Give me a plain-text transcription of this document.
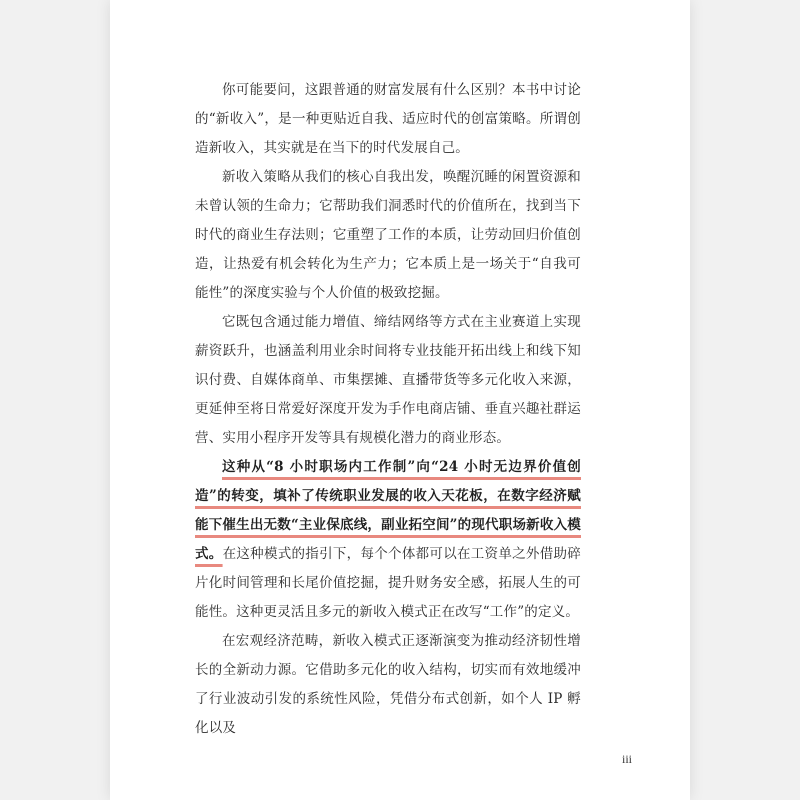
你可能要问，这跟普通的财富发展有什么区别？本书中讨论的“新收入”，是一种更贴近自我、适应时代的创富策略。所谓创造新收入，其实就是在当下的时代发展自己。

新收入策略从我们的核心自我出发，唤醒沉睡的闲置资源和未曾认领的生命力；它帮助我们洞悉时代的价值所在，找到当下时代的商业生存法则；它重塑了工作的本质，让劳动回归价值创造，让热爱有机会转化为生产力；它本质上是一场关于“自我可能性”的深度实验与个人价值的极致挖掘。

它既包含通过能力增值、缔结网络等方式在主业赛道上实现薪资跃升，也涵盖利用业余时间将专业技能开拓出线上和线下知识付费、自媒体商单、市集摆摊、直播带货等多元化收入来源，更延伸至将日常爱好深度开发为手作电商店铺、垂直兴趣社群运营、实用小程序开发等具有规模化潜力的商业形态。

这种从“8 小时职场内工作制”向“24 小时无边界价值创造”的转变，填补了传统职业发展的收入天花板，在数字经济赋能下催生出无数“主业保底线，副业拓空间”的现代职场新收入模式。在这种模式的指引下，每个个体都可以在工资单之外借助碎片化时间管理和长尾价值挖掘，提升财务安全感，拓展人生的可能性。这种更灵活且多元的新收入模式正在改写“工作”的定义。

在宏观经济范畴，新收入模式正逐渐演变为推动经济韧性增长的全新动力源。它借助多元化的收入结构，切实而有效地缓冲了行业波动引发的系统性风险，凭借分布式创新，如个人 IP 孵化以及

iii
